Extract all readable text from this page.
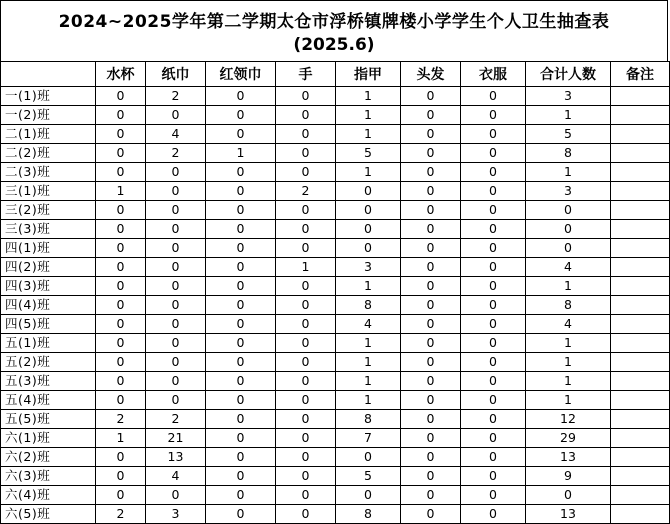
2024~2025学年第二学期太仓市浮桥镇牌楼小学学生个人卫生抽查表
(2025.6)
	水杯	纸巾	红领巾	手	指甲	头发	衣服	合计人数	备注
一(1)班	0	2	0	0	1	0	0	3	
一(2)班	0	0	0	0	1	0	0	1	
二(1)班	0	4	0	0	1	0	0	5	
二(2)班	0	2	1	0	5	0	0	8	
二(3)班	0	0	0	0	1	0	0	1	
三(1)班	1	0	0	2	0	0	0	3	
三(2)班	0	0	0	0	0	0	0	0	
三(3)班	0	0	0	0	0	0	0	0	
四(1)班	0	0	0	0	0	0	0	0	
四(2)班	0	0	0	1	3	0	0	4	
四(3)班	0	0	0	0	1	0	0	1	
四(4)班	0	0	0	0	8	0	0	8	
四(5)班	0	0	0	0	4	0	0	4	
五(1)班	0	0	0	0	1	0	0	1	
五(2)班	0	0	0	0	1	0	0	1	
五(3)班	0	0	0	0	1	0	0	1	
五(4)班	0	0	0	0	1	0	0	1	
五(5)班	2	2	0	0	8	0	0	12	
六(1)班	1	21	0	0	7	0	0	29	
六(2)班	0	13	0	0	0	0	0	13	
六(3)班	0	4	0	0	5	0	0	9	
六(4)班	0	0	0	0	0	0	0	0	
六(5)班	2	3	0	0	8	0	0	13	
